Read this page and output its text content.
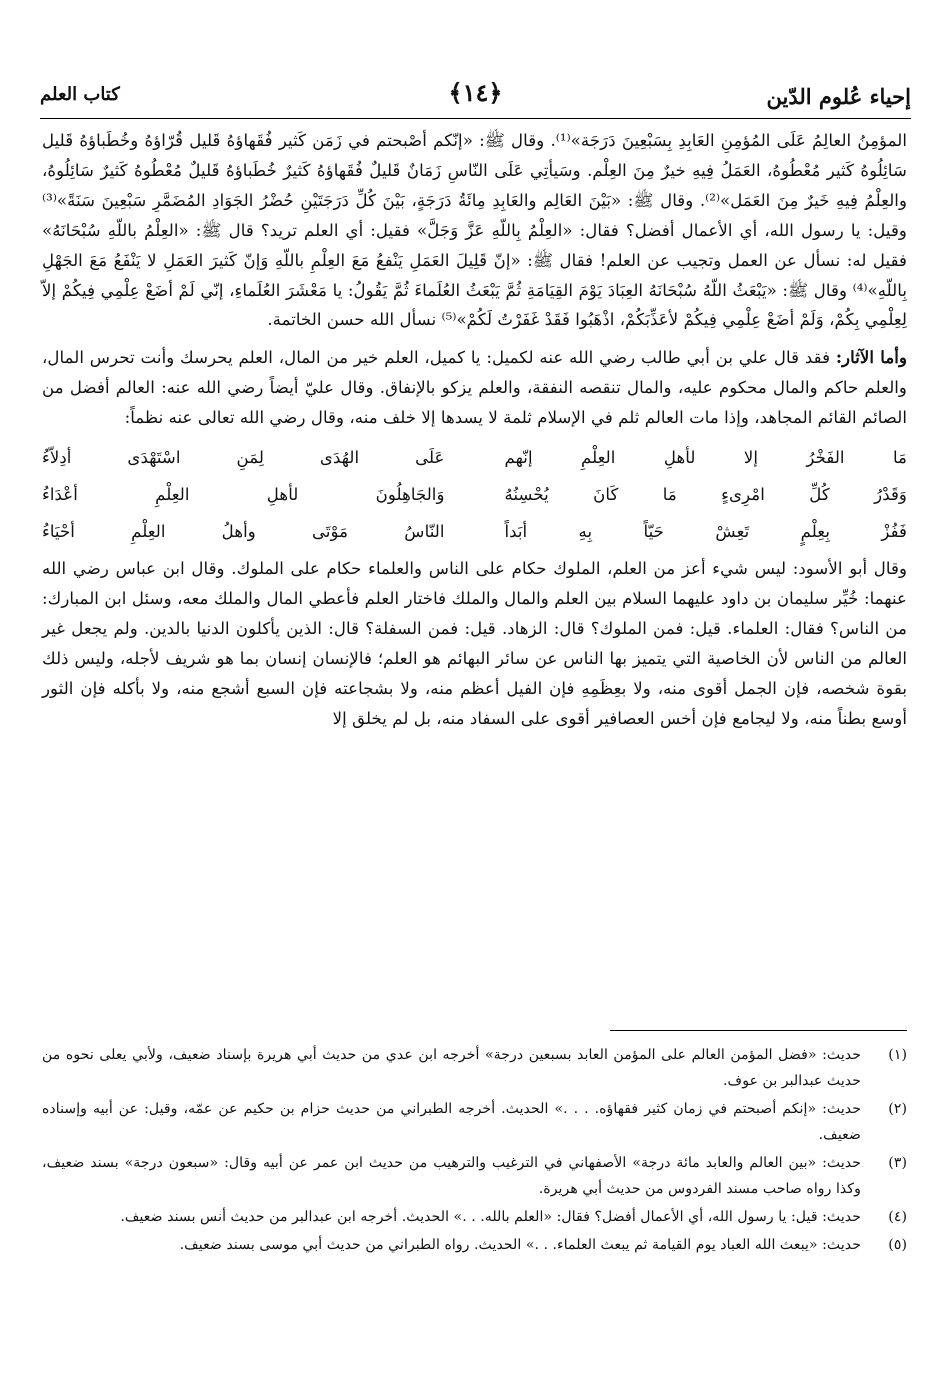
إحياء عُلوم الدّين
﴿١٤﴾
كتاب العلم

المؤمِنُ العالِمُ عَلَى المُؤمِنِ العَابِدِ بِسَبْعِينَ دَرَجَة»⁽¹⁾. وقال ﷺ: «إنّكم أصْبحتم في زَمَن كَثير فُقَهاؤهُ قَليل قُرّاؤهُ وخُطَباؤهُ قَليل سَائِلُوهُ كَثير مُعْطُوهُ، العَمَلُ فِيهِ خيرٌ مِنَ العِلْم. وسَيأتِي عَلَى النّاسِ زَمَانٌ قَليلٌ فُقَهاؤهُ كَثيرٌ خُطَباؤهُ قَليلٌ مُعْطُوهُ كَثيرٌ سَائِلُوهُ، والعِلْمُ فِيهِ خَيرٌ مِنَ العَمَل»⁽²⁾. وقال ﷺ: «بَيْنَ العَالِم والعَابِدِ مِائَةُ دَرَجَةٍ، بَيْنَ كُلِّ دَرَجَتَيْنِ حُضْرُ الجَوَادِ المُضَمَّرِ سَبْعِينَ سَنَةً»⁽³⁾ وقيل: يا رسول الله، أي الأعمال أفضل؟ فقال: «العِلْمُ بِاللّهِ عَزَّ وَجَلَّ» فقيل: أي العلم تريد؟ قال ﷺ: «العِلْمُ باللّهِ سُبْحَانَهُ» فقيل له: نسأل عن العمل وتجيب عن العلم! فقال ﷺ: «إنّ قَلِيلَ العَمَلِ يَنْفعُ مَعَ العِلْمِ باللّهِ وَإنّ كَثيرَ العَمَلِ لا يَنْفَعُ مَعَ الجَهْلِ بِاللّهِ»⁽⁴⁾ وقال ﷺ: «يَبْعَثُ اللّهُ سُبْحَانَهُ العِبَادَ يَوْمَ القِيَامَةِ ثُمَّ يَبْعَثُ العُلَماءَ ثُمَّ يَقُولُ: يا مَعْشَرَ العُلَماءِ، إنّي لَمْ أضَعْ عِلْمِي فِيكُمْ إلاّ لِعِلْمِي بِكُمْ، وَلَمْ أضَعْ عِلْمِي فِيكُمْ لأعَذِّبَكُمْ، اذْهَبُوا فَقَدْ غَفَرْتُ لَكُمْ»⁽⁵⁾ نسأل الله حسن الخاتمة.

وأما الآثار: فقد قال علي بن أبي طالب رضي الله عنه لكميل: يا كميل، العلم خير من المال، العلم يحرسك وأنت تحرس المال، والعلم حاكم والمال محكوم عليه، والمال تنقصه النفقة، والعلم يزكو بالإنفاق. وقال عليّ أيضاً رضي الله عنه: العالم أفضل من الصائم القائم المجاهد، وإذا مات العالم ثلم في الإسلام ثلمة لا يسدها إلا خلف منه، وقال رضي الله تعالى عنه نظماً:

مَا الفَخْرُ إلا لأهلِ العِلْمِ إنّهم
عَلَى الهُدَى لِمَنِ اسْتَهْدَى أدِلاّءُ
وَقَدْرُ كُلِّ امْرِىءٍ مَا كَانَ يُحْسِنُهُ
وَالجَاهِلُونَ لأهلِ العِلْمِ أعْدَاءُ
فَفُزْ بِعِلْمٍ تَعِشْ حَيّاً بِهِ أبَداً
النّاسُ مَوْتَى وأهلُ العِلْمِ أحْيَاءُ

وقال أبو الأسود: ليس شيء أعز من العلم، الملوك حكام على الناس والعلماء حكام على الملوك. وقال ابن عباس رضي الله عنهما: خُيِّر سليمان بن داود عليهما السلام بين العلم والمال والملك فاختار العلم فأعطي المال والملك معه، وسئل ابن المبارك: من الناس؟ فقال: العلماء. قيل: فمن الملوك؟ قال: الزهاد. قيل: فمن السفلة؟ قال: الذين يأكلون الدنيا بالدين. ولم يجعل غير العالم من الناس لأن الخاصية التي يتميز بها الناس عن سائر البهائم هو العلم؛ فالإنسان إنسان بما هو شريف لأجله، وليس ذلك بقوة شخصه، فإن الجمل أقوى منه، ولا بعِظَمِهِ فإن الفيل أعظم منه، ولا بشجاعته فإن السبع أشجع منه، ولا بأكله فإن الثور أوسع بطناً منه، ولا ليجامع فإن أخس العصافير أقوى على السفاد منه، بل لم يخلق إلا

(١)
حديث: «فضل المؤمن العالم على المؤمن العابد بسبعين درجة» أخرجه ابن عدي من حديث أبي هريرة بإسناد ضعيف، ولأبي يعلى نحوه من حديث عبدالبر بن عوف.
(٢)
حديث: «إنكم أصبحتم في زمان كثير فقهاؤه. . . .» الحديث. أخرجه الطبراني من حديث حزام بن حكيم عن عمّه، وقيل: عن أبيه وإسناده ضعيف.
(٣)
حديث: «بين العالم والعابد مائة درجة» الأصفهاني في الترغيب والترهيب من حديث ابن عمر عن أبيه وقال: «سبعون درجة» بسند ضعيف، وكذا رواه صاحب مسند الفردوس من حديث أبي هريرة.
(٤)
حديث: قيل: يا رسول الله، أي الأعمال أفضل؟ فقال: «العلم بالله. . .» الحديث. أخرجه ابن عبدالبر من حديث أنس بسند ضعيف.
(٥)
حديث: «يبعث الله العباد يوم القيامة ثم يبعث العلماء. . .» الحديث. رواه الطبراني من حديث أبي موسى بسند ضعيف.
